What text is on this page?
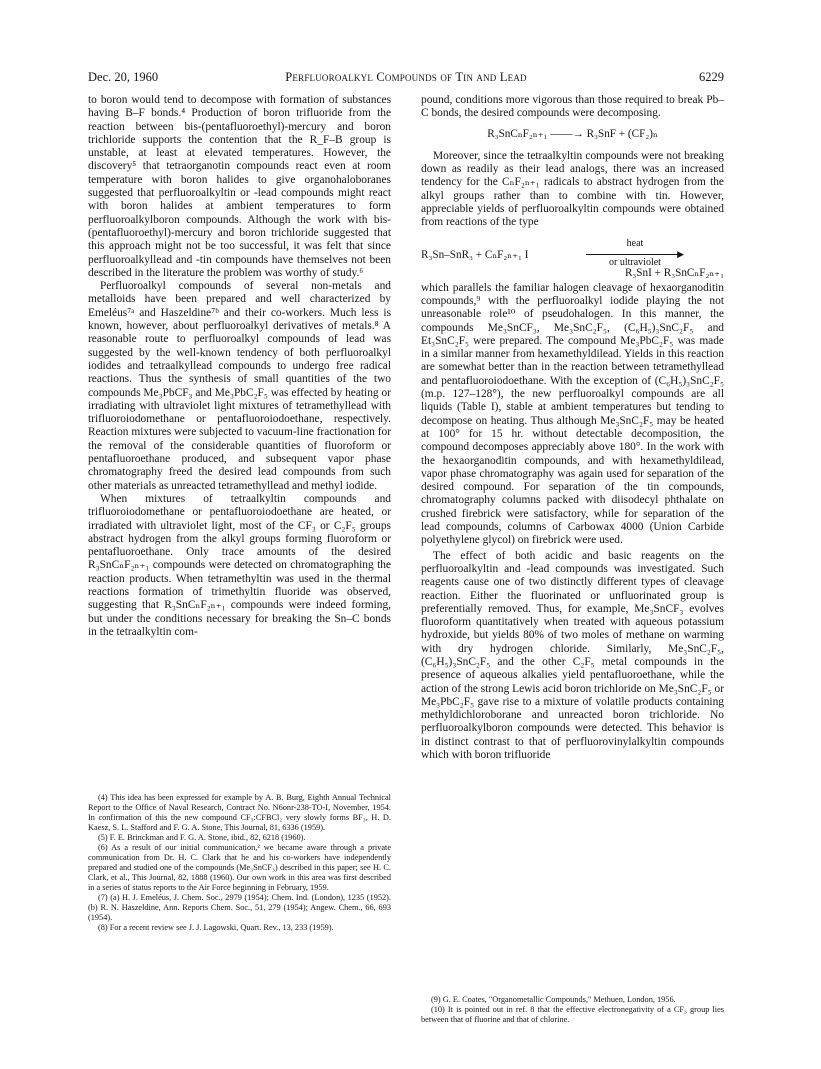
Dec. 20, 1960	Perfluoroalkyl Compounds of Tin and Lead	6229

to boron would tend to decompose with formation of substances having B–F bonds.⁴ Production of boron trifluoride from the reaction between bis-(pentafluoroethyl)-mercury and boron trichloride supports the contention that the R_F–B group is unstable, at least at elevated temperatures. However, the discovery⁵ that tetraorganotin compounds react even at room temperature with boron halides to give organohaloboranes suggested that perfluoroalkyltin or -lead compounds might react with boron halides at ambient temperatures to form perfluoroalkylboron compounds. Although the work with bis-(pentafluoroethyl)-mercury and boron trichloride suggested that this approach might not be too successful, it was felt that since perfluoroalkyllead and -tin compounds have themselves not been described in the literature the problem was worthy of study.⁶

Perfluoroalkyl compounds of several non-metals and metalloids have been prepared and well characterized by Emeléus⁷ᵃ and Haszeldine⁷ᵇ and their co-workers. Much less is known, however, about perfluoroalkyl derivatives of metals.⁸ A reasonable route to perfluoroalkyl compounds of lead was suggested by the well-known tendency of both perfluoroalkyl iodides and tetraalkyllead compounds to undergo free radical reactions. Thus the synthesis of small quantities of the two compounds Me₃PbCF₃ and Me₃PbC₂F₅ was effected by heating or irradiating with ultraviolet light mixtures of tetramethyllead with trifluoroiodomethane or pentafluoroiodoethane, respectively. Reaction mixtures were subjected to vacuum-line fractionation for the removal of the considerable quantities of fluoroform or pentafluoroethane produced, and subsequent vapor phase chromatography freed the desired lead compounds from such other materials as unreacted tetramethyllead and methyl iodide.

When mixtures of tetraalkyltin compounds and trifluoroiodomethane or pentafluoroiodoethane are heated, or irradiated with ultraviolet light, most of the CF₃ or C₂F₅ groups abstract hydrogen from the alkyl groups forming fluoroform or pentafluoroethane. Only trace amounts of the desired R₃SnCₙF₂ₙ₊₁ compounds were detected on chromatographing the reaction products. When tetramethyltin was used in the thermal reactions formation of trimethyltin fluoride was observed, suggesting that R₃SnCₙF₂ₙ₊₁ compounds were indeed forming, but under the conditions necessary for breaking the Sn–C bonds in the tetraalkyltin com-

(4) This idea has been expressed for example by A. B. Burg, Eighth Annual Technical Report to the Office of Naval Research, Contract No. N6onr-238-TO-I, November, 1954. In confirmation of this the new compound CF₃:CFBCl₂ very slowly forms BF₃, H. D. Kaesz, S. L. Stafford and F. G. A. Stone, This Journal, 81, 6336 (1959).

(5) F. E. Brinckman and F. G. A. Stone, ibid., 82, 6218 (1960).

(6) As a result of our initial communication,² we became aware through a private communication from Dr. H. C. Clark that he and his co-workers have independently prepared and studied one of the compounds (Me₃SnCF₃) described in this paper; see H. C. Clark, et al., This Journal, 82, 1888 (1960). Our own work in this area was first described in a series of status reports to the Air Force beginning in February, 1959.

(7) (a) H. J. Emeléus, J. Chem. Soc., 2979 (1954); Chem. Ind. (London), 1235 (1952). (b) R. N. Haszeldine, Ann. Reports Chem. Soc., 51, 279 (1954); Angew. Chem., 66, 693 (1954).

(8) For a recent review see J. J. Lagowski, Quart. Rev., 13, 233 (1959).

pound, conditions more vigorous than those required to break Pb–C bonds, the desired compounds were decomposing.

R₃SnCₙF₂ₙ₊₁ ——→ R₃SnF + (CF₂)ₙ

Moreover, since the tetraalkyltin compounds were not breaking down as readily as their lead analogs, there was an increased tendency for the CₙF₂ₙ₊₁ radicals to abstract hydrogen from the alkyl groups rather than to combine with tin. However, appreciable yields of perfluoroalkyltin compounds were obtained from reactions of the type

R₃Sn–SnR₃ + CₙF₂ₙ₊₁ I
heat
▶
or ultraviolet
R₃SnI + R₃SnCₙF₂ₙ₊₁

which parallels the familiar halogen cleavage of hexaorganoditin compounds,⁹ with the perfluoroalkyl iodide playing the not unreasonable role¹⁰ of pseudohalogen. In this manner, the compounds Me₃SnCF₃, Me₃SnC₂F₅, (C₆H₅)₃SnC₂F₅ and Et₃SnC₂F₅ were prepared. The compound Me₃PbC₂F₅ was made in a similar manner from hexamethyldilead. Yields in this reaction are somewhat better than in the reaction between tetramethyllead and pentafluoroiodoethane. With the exception of (C₆H₅)₃SnC₂F₅ (m.p. 127–128°), the new perfluoroalkyl compounds are all liquids (Table I), stable at ambient temperatures but tending to decompose on heating. Thus although Me₃SnC₂F₅ may be heated at 100° for 15 hr. without detectable decomposition, the compound decomposes appreciably above 180°. In the work with the hexaorganoditin compounds, and with hexamethyldilead, vapor phase chromatography was again used for separation of the desired compound. For separation of the tin compounds, chromatography columns packed with diisodecyl phthalate on crushed firebrick were satisfactory, while for separation of the lead compounds, columns of Carbowax 4000 (Union Carbide polyethylene glycol) on firebrick were used.

The effect of both acidic and basic reagents on the perfluoroalkyltin and -lead compounds was investigated. Such reagents cause one of two distinctly different types of cleavage reaction. Either the fluorinated or unfluorinated group is preferentially removed. Thus, for example, Me₃SnCF₃ evolves fluoroform quantitatively when treated with aqueous potassium hydroxide, but yields 80% of two moles of methane on warming with dry hydrogen chloride. Similarly, Me₃SnC₂F₅, (C₆H₅)₃SnC₂F₅ and the other C₂F₅ metal compounds in the presence of aqueous alkalies yield pentafluoroethane, while the action of the strong Lewis acid boron trichloride on Me₃SnC₂F₅ or Me₃PbC₂F₅ gave rise to a mixture of volatile products containing methyldichloroborane and unreacted boron trichloride. No perfluoroalkylboron compounds were detected. This behavior is in distinct contrast to that of perfluorovinylalkyltin compounds which with boron trifluoride

(9) G. E. Coates, "Organometallic Compounds," Methuen, London, 1956.

(10) It is pointed out in ref. 8 that the effective electronegativity of a CF₃ group lies between that of fluorine and that of chlorine.
